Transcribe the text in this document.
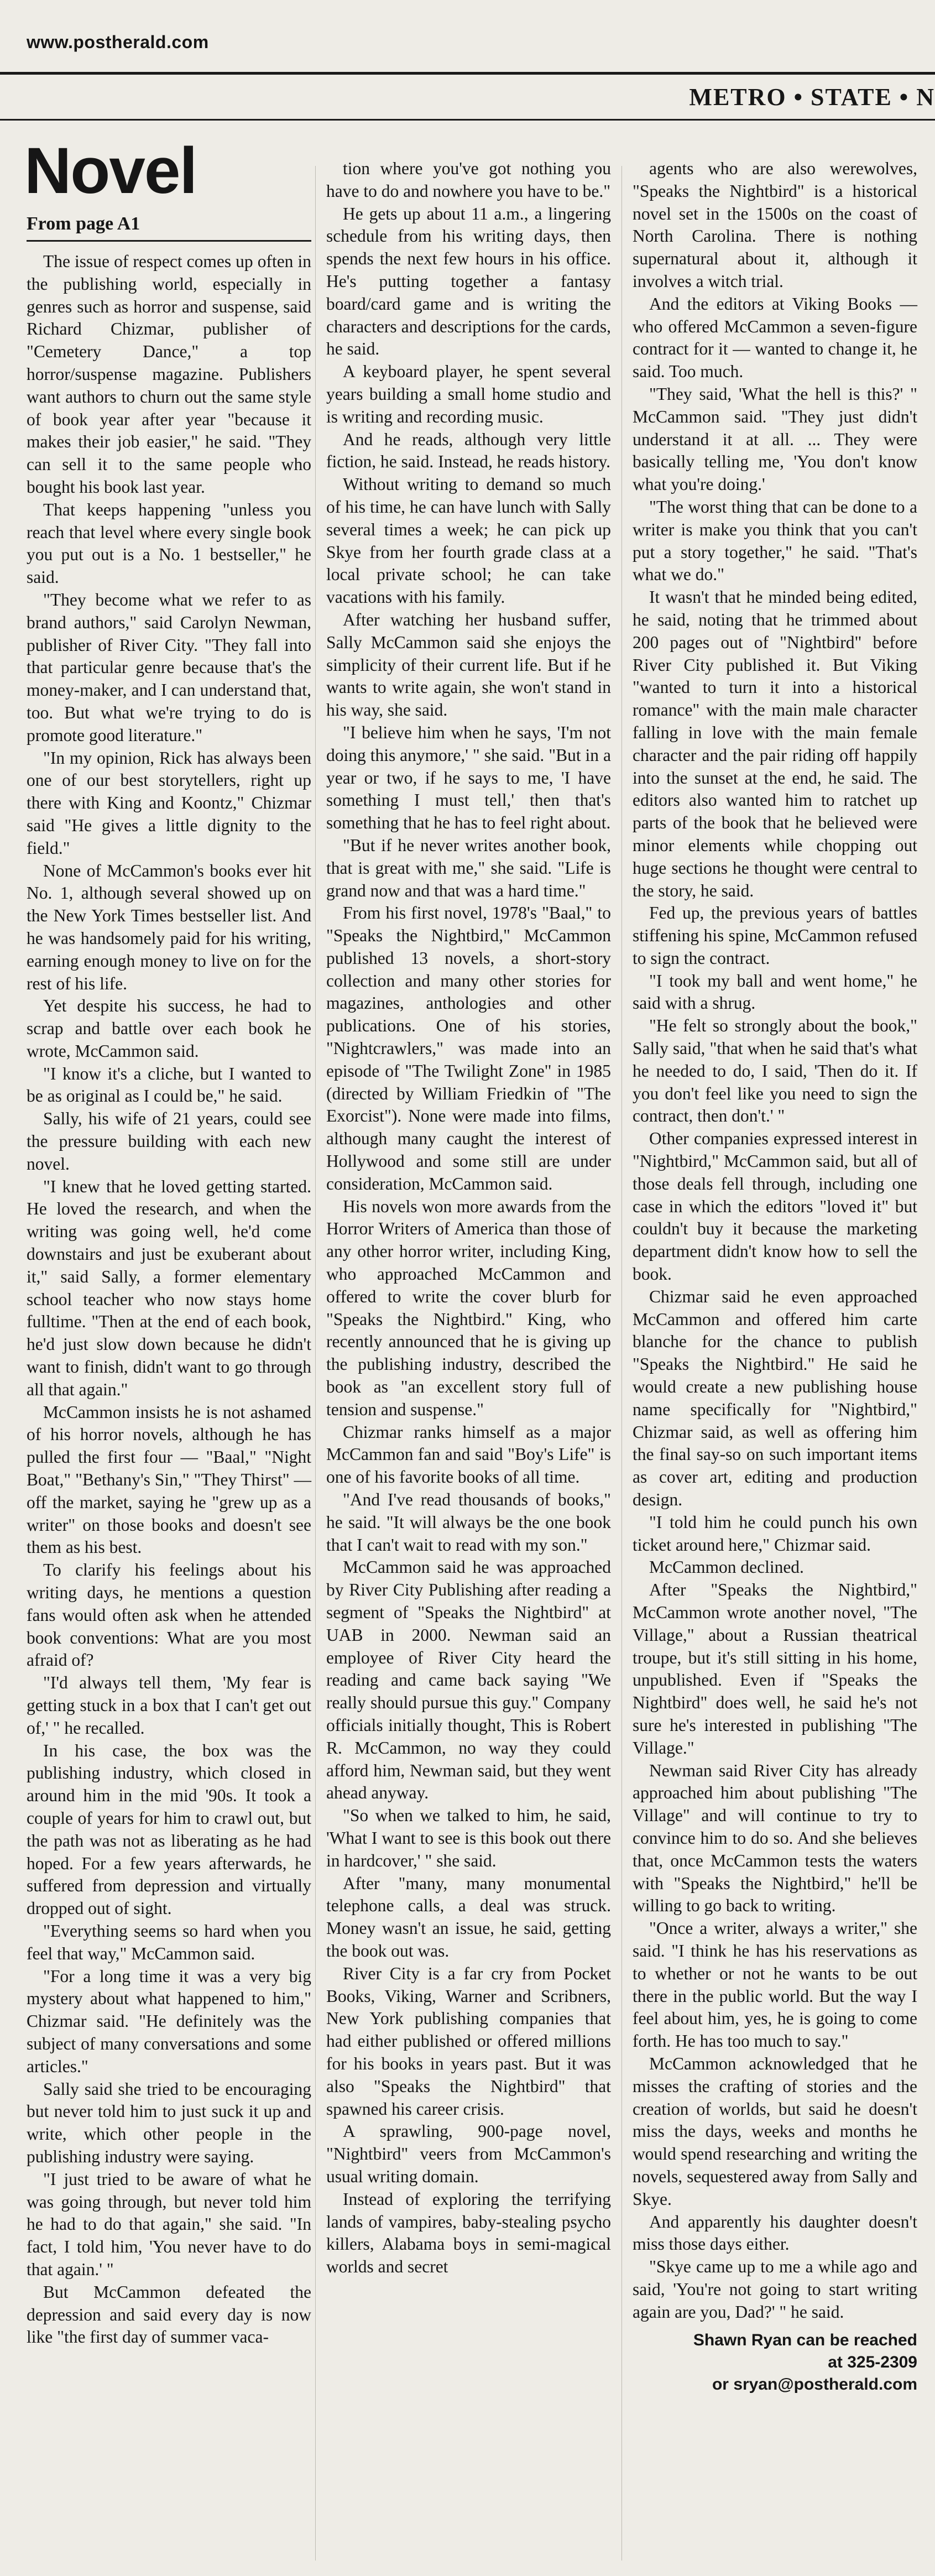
www.postherald.com
METRO • STATE • N
Novel
From page A1

The issue of respect comes up often in the publishing world, especially in genres such as horror and suspense, said Richard Chizmar, publisher of "Cemetery Dance," a top horror/suspense magazine. Publishers want authors to churn out the same style of book year after year "because it makes their job easier," he said. "They can sell it to the same people who bought his book last year.

That keeps happening "unless you reach that level where every single book you put out is a No. 1 bestseller," he said.

"They become what we refer to as brand authors," said Carolyn Newman, publisher of River City. "They fall into that particular genre because that's the money-maker, and I can understand that, too. But what we're trying to do is promote good literature."

"In my opinion, Rick has always been one of our best storytellers, right up there with King and Koontz," Chizmar said "He gives a little dignity to the field."

None of McCammon's books ever hit No. 1, although several showed up on the New York Times bestseller list. And he was handsomely paid for his writing, earning enough money to live on for the rest of his life.

Yet despite his success, he had to scrap and battle over each book he wrote, McCammon said.

"I know it's a cliche, but I wanted to be as original as I could be," he said.

Sally, his wife of 21 years, could see the pressure building with each new novel.

"I knew that he loved getting started. He loved the research, and when the writing was going well, he'd come downstairs and just be exuberant about it," said Sally, a former elementary school teacher who now stays home fulltime. "Then at the end of each book, he'd just slow down because he didn't want to finish, didn't want to go through all that again."

McCammon insists he is not ashamed of his horror novels, although he has pulled the first four — "Baal," "Night Boat," "Bethany's Sin," "They Thirst" — off the market, saying he "grew up as a writer" on those books and doesn't see them as his best.

To clarify his feelings about his writing days, he mentions a question fans would often ask when he attended book conventions: What are you most afraid of?

"I'd always tell them, 'My fear is getting stuck in a box that I can't get out of,' " he recalled.

In his case, the box was the publishing industry, which closed in around him in the mid '90s. It took a couple of years for him to crawl out, but the path was not as liberating as he had hoped. For a few years afterwards, he suffered from depression and virtually dropped out of sight.

"Everything seems so hard when you feel that way," McCammon said.

"For a long time it was a very big mystery about what happened to him," Chizmar said. "He definitely was the subject of many conversations and some articles."

Sally said she tried to be encouraging but never told him to just suck it up and write, which other people in the publishing industry were saying.

"I just tried to be aware of what he was going through, but never told him he had to do that again," she said. "In fact, I told him, 'You never have to do that again.' "

But McCammon defeated the depression and said every day is now like "the first day of summer vaca-

tion where you've got nothing you have to do and nowhere you have to be."

He gets up about 11 a.m., a lingering schedule from his writing days, then spends the next few hours in his office. He's putting together a fantasy board/card game and is writing the characters and descriptions for the cards, he said.

A keyboard player, he spent several years building a small home studio and is writing and recording music.

And he reads, although very little fiction, he said. Instead, he reads history.

Without writing to demand so much of his time, he can have lunch with Sally several times a week; he can pick up Skye from her fourth grade class at a local private school; he can take vacations with his family.

After watching her husband suffer, Sally McCammon said she enjoys the simplicity of their current life. But if he wants to write again, she won't stand in his way, she said.

"I believe him when he says, 'I'm not doing this anymore,' " she said. "But in a year or two, if he says to me, 'I have something I must tell,' then that's something that he has to feel right about.

"But if he never writes another book, that is great with me," she said. "Life is grand now and that was a hard time."

From his first novel, 1978's "Baal," to "Speaks the Nightbird," McCammon published 13 novels, a short-story collection and many other stories for magazines, anthologies and other publications. One of his stories, "Nightcrawlers," was made into an episode of "The Twilight Zone" in 1985 (directed by William Friedkin of "The Exorcist"). None were made into films, although many caught the interest of Hollywood and some still are under consideration, McCammon said.

His novels won more awards from the Horror Writers of America than those of any other horror writer, including King, who approached McCammon and offered to write the cover blurb for "Speaks the Nightbird." King, who recently announced that he is giving up the publishing industry, described the book as "an excellent story full of tension and suspense."

Chizmar ranks himself as a major McCammon fan and said "Boy's Life" is one of his favorite books of all time.

"And I've read thousands of books," he said. "It will always be the one book that I can't wait to read with my son."

McCammon said he was approached by River City Publishing after reading a segment of "Speaks the Nightbird" at UAB in 2000. Newman said an employee of River City heard the reading and came back saying "We really should pursue this guy." Company officials initially thought, This is Robert R. McCammon, no way they could afford him, Newman said, but they went ahead anyway.

"So when we talked to him, he said, 'What I want to see is this book out there in hardcover,' " she said.

After "many, many monumental telephone calls, a deal was struck. Money wasn't an issue, he said, getting the book out was.

River City is a far cry from Pocket Books, Viking, Warner and Scribners, New York publishing companies that had either published or offered millions for his books in years past. But it was also "Speaks the Nightbird" that spawned his career crisis.

A sprawling, 900-page novel, "Nightbird" veers from McCammon's usual writing domain.

Instead of exploring the terrifying lands of vampires, baby-stealing psycho killers, Alabama boys in semi-magical worlds and secret

agents who are also werewolves, "Speaks the Nightbird" is a historical novel set in the 1500s on the coast of North Carolina. There is nothing supernatural about it, although it involves a witch trial.

And the editors at Viking Books — who offered McCammon a seven-figure contract for it — wanted to change it, he said. Too much.

"They said, 'What the hell is this?' " McCammon said. "They just didn't understand it at all. ... They were basically telling me, 'You don't know what you're doing.'

"The worst thing that can be done to a writer is make you think that you can't put a story together," he said. "That's what we do."

It wasn't that he minded being edited, he said, noting that he trimmed about 200 pages out of "Nightbird" before River City published it. But Viking "wanted to turn it into a historical romance" with the main male character falling in love with the main female character and the pair riding off happily into the sunset at the end, he said. The editors also wanted him to ratchet up parts of the book that he believed were minor elements while chopping out huge sections he thought were central to the story, he said.

Fed up, the previous years of battles stiffening his spine, McCammon refused to sign the contract.

"I took my ball and went home," he said with a shrug.

"He felt so strongly about the book," Sally said, "that when he said that's what he needed to do, I said, 'Then do it. If you don't feel like you need to sign the contract, then don't.' "

Other companies expressed interest in "Nightbird," McCammon said, but all of those deals fell through, including one case in which the editors "loved it" but couldn't buy it because the marketing department didn't know how to sell the book.

Chizmar said he even approached McCammon and offered him carte blanche for the chance to publish "Speaks the Nightbird." He said he would create a new publishing house name specifically for "Nightbird," Chizmar said, as well as offering him the final say-so on such important items as cover art, editing and production design.

"I told him he could punch his own ticket around here," Chizmar said.

McCammon declined.

After "Speaks the Nightbird," McCammon wrote another novel, "The Village," about a Russian theatrical troupe, but it's still sitting in his home, unpublished. Even if "Speaks the Nightbird" does well, he said he's not sure he's interested in publishing "The Village."

Newman said River City has already approached him about publishing "The Village" and will continue to try to convince him to do so. And she believes that, once McCammon tests the waters with "Speaks the Nightbird," he'll be willing to go back to writing.

"Once a writer, always a writer," she said. "I think he has his reservations as to whether or not he wants to be out there in the public world. But the way I feel about him, yes, he is going to come forth. He has too much to say."

McCammon acknowledged that he misses the crafting of stories and the creation of worlds, but said he doesn't miss the days, weeks and months he would spend researching and writing the novels, sequestered away from Sally and Skye.

And apparently his daughter doesn't miss those days either.

"Skye came up to me a while ago and said, 'You're not going to start writing again are you, Dad?' " he said.

Shawn Ryan can be reached
at 325-2309
or sryan@postherald.com
